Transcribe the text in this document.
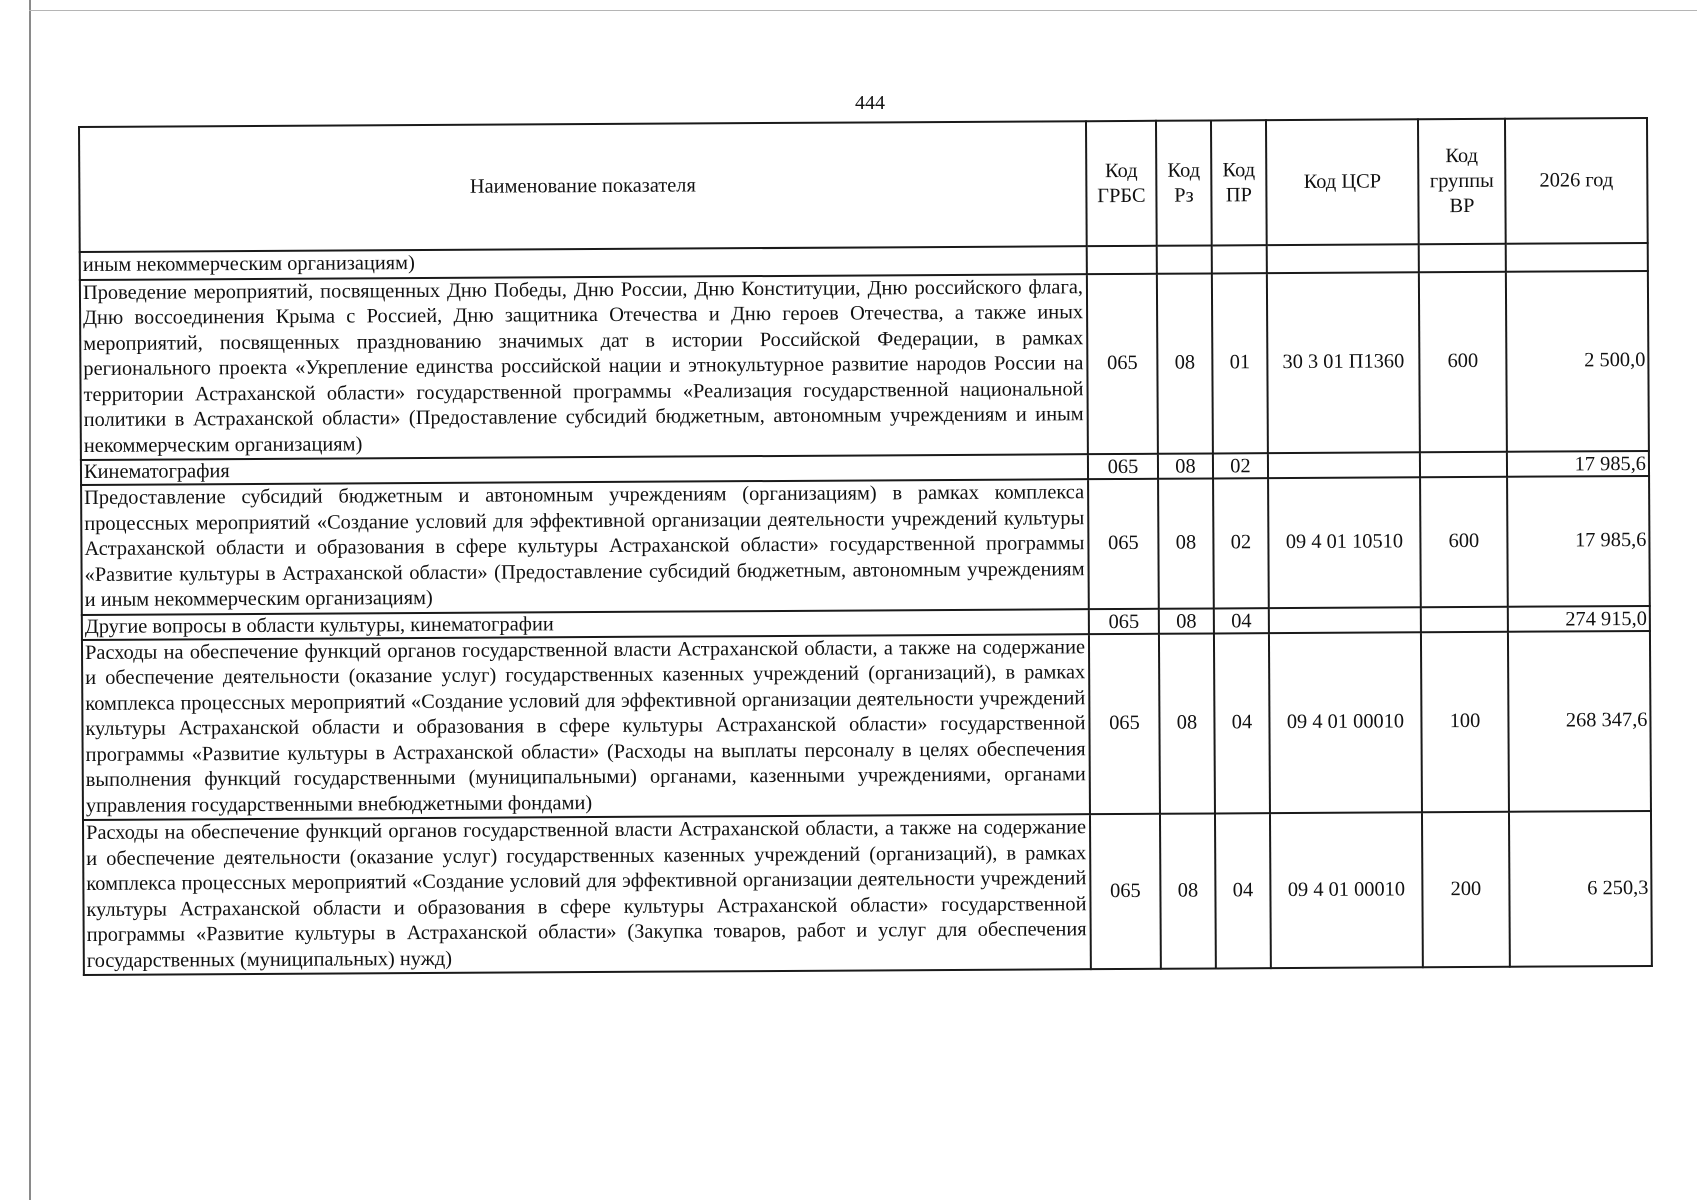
444
Наименование показателя	Код ГРБС	Код Рз	Код ПР	Код ЦСР	Код группы ВР	2026 год
иным некоммерческим организациям)						
Проведение мероприятий, посвященных Дню Победы, Дню России, Дню Конституции, Дню российского флага, Дню воссоединения Крыма с Россией, Дню защитника Отечества и Дню героев Отечества, а также иных мероприятий, посвященных празднованию значимых дат в истории Российской Федерации, в рамках регионального проекта «Укрепление единства российской нации и этнокультурное развитие народов России на территории Астраханской области» государственной программы «Реализация государственной национальной политики в Астраханской области» (Предоставление субсидий бюджетным, автономным учреждениям и иным некоммерческим организациям)	065	08	01	30 3 01 П1360	600	2 500,0
Кинематография	065	08	02			17 985,6
Предоставление субсидий бюджетным и автономным учреждениям (организациям) в рамках комплекса процессных мероприятий «Создание условий для эффективной организации деятельности учреждений культуры Астраханской области и образования в сфере культуры Астраханской области» государственной программы «Развитие культуры в Астраханской области» (Предоставление субсидий бюджетным, автономным учреждениям и иным некоммерческим организациям)	065	08	02	09 4 01 10510	600	17 985,6
Другие вопросы в области культуры, кинематографии	065	08	04			274 915,0
Расходы на обеспечение функций органов государственной власти Астраханской области, а также на содержание и обеспечение деятельности (оказание услуг) государственных казенных учреждений (организаций), в рамках комплекса процессных мероприятий «Создание условий для эффективной организации деятельности учреждений культуры Астраханской области и образования в сфере культуры Астраханской области» государственной программы «Развитие культуры в Астраханской области» (Расходы на выплаты персоналу в целях обеспечения выполнения функций государственными (муниципальными) органами, казенными учреждениями, органами управления государственными внебюджетными фондами)	065	08	04	09 4 01 00010	100	268 347,6
Расходы на обеспечение функций органов государственной власти Астраханской области, а также на содержание и обеспечение деятельности (оказание услуг) государственных казенных учреждений (организаций), в рамках комплекса процессных мероприятий «Создание условий для эффективной организации деятельности учреждений культуры Астраханской области и образования в сфере культуры Астраханской области» государственной программы «Развитие культуры в Астраханской области» (Закупка товаров, работ и услуг для обеспечения государственных (муниципальных) нужд)	065	08	04	09 4 01 00010	200	6 250,3
